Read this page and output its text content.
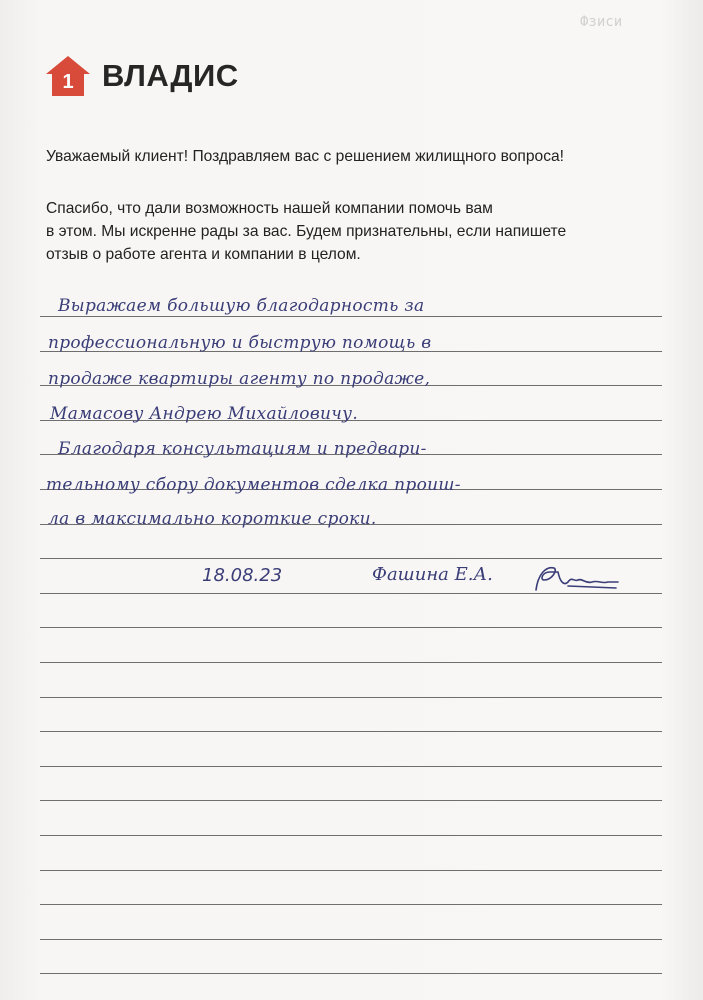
Фзиси
1 ВЛАДИС
Уважаемый клиент! Поздравляем вас с решением жилищного вопроса!

Спасибо, что дали возможность нашей компании помочь вам

в этом. Мы искренне рады за вас. Будем признательны, если напишете

отзыв о работе агента и компании в целом.

Выражаем большую благодарность за
профессиональную и быструю помощь в
продаже квартиры агенту по продаже,
Мамасову Андрею Михайловичу.
Благодаря консультациям и предвари-
тельному сбору документов сделка проиш-
ла в максимально короткие сроки.
18.08.23	Фашина Е.А.
